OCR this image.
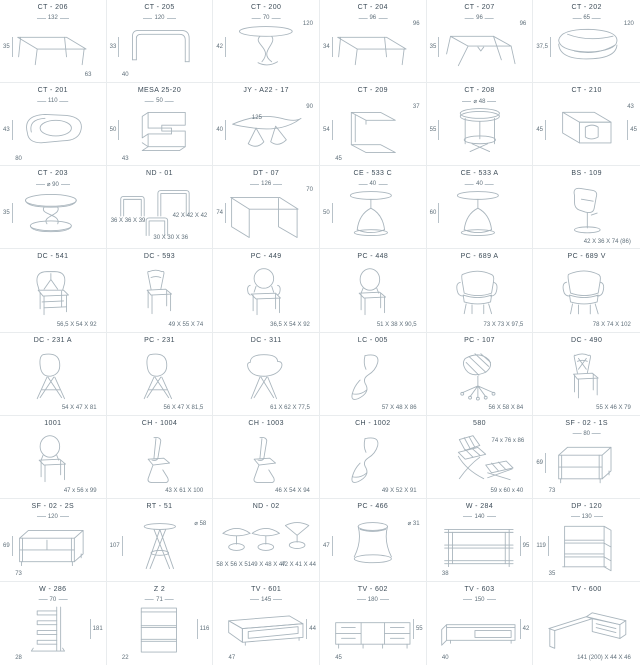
CT - 206
132
35
63
CT - 205
120
33
40
CT - 200
70
120
42
CT - 204
96
96
34
CT - 207
96
96
35
CT - 202
65
120
37,5
CT - 201
110
43
80
MESA 25-20
50
50
43
JY - A22 - 17
90
125
40
CT - 209
37
54
45
CT - 208
⌀ 48
55
CT - 210
43
45	45
CT - 203
⌀ 90
35
ND - 01
36 X 36 X 39
42 X 42 X 42
30 X 30 X 36
DT - 07
126
70
74
CE - 533 C
40
50
CE - 533 A
40
60
BS - 109
42 X 36 X 74 (86)
DC - 541
56,5 X 54 X 92
DC - 593
49 X 55 X 74
PC - 449
36,5 X 54 X 92
PC - 448
51 X 38 X 90,5
PC - 689 A
73 X 73 X 97,5
PC - 689 V
78 X 74 X 102
DC - 231 A
54 X 47 X 81
PC - 231
56 X 47 X 81,5
DC - 311
61 X 62 X 77,5
LC - 005
57 X 48 X 86
PC - 107
56 X 58 X 84
DC - 490
55 X 46 X 79
1001
47 x 56 x 99
CH - 1004
43 X 61 X 100
CH - 1003
46 X 54 X 94
CH - 1002
49 X 52 X 91
580
74 x 76 x 86
59 x 60 x 40
SF - 02 - 1S
80
69
73
SF - 02 - 2S
120
69
73
RT - 51
⌀ 58
107
ND - 02
58 X 56 X 51 49 X 48 X 47
42 X 41 X 44
PC - 466
⌀ 31
47
W - 284
140
95
38
DP - 120
130
119
35
W - 286
70
181
28
Z 2
71
116
22
TV - 601
145
44
47
TV - 602
180
55
45
TV - 603
150
42
40
TV - 600
141 (200) X 44 X 46
